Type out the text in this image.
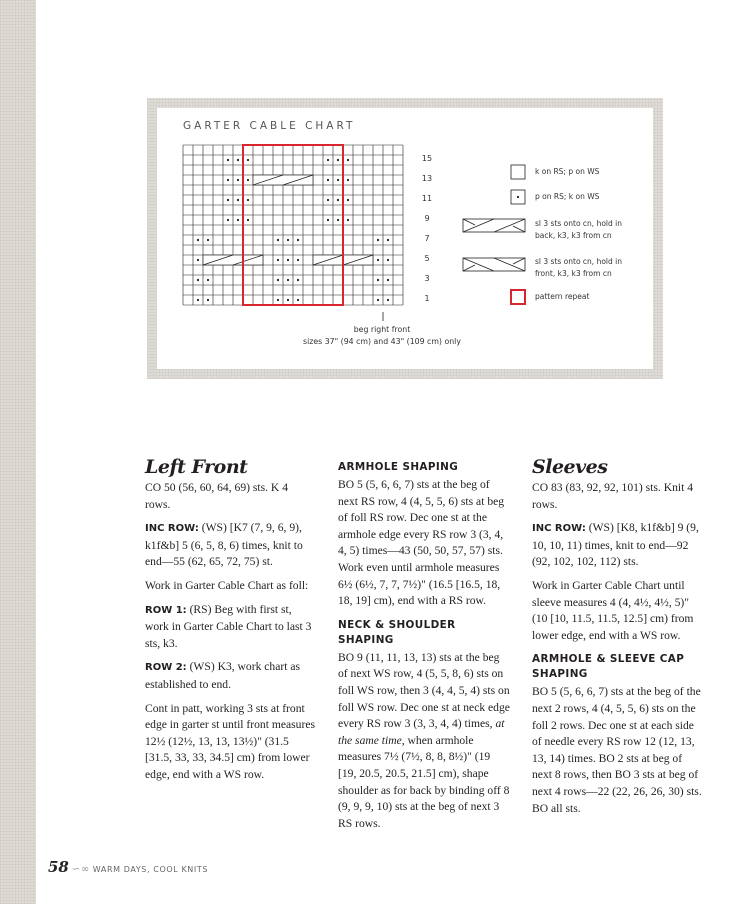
GARTER CABLE CHART
15
13
11
9
7
5
3
1
beg right front
sizes 37" (94 cm) and 43" (109 cm) only
k on RS; p on WS
p on RS; k on WS
sl 3 sts onto cn, hold in back, k3, k3 from cn
sl 3 sts onto cn, hold in front, k3, k3 from cn
pattern repeat
Left Front

CO 50 (56, 60, 64, 69) sts. K 4 rows.

INC ROW: (WS) [K7 (7, 9, 6, 9), k1f&b] 5 (6, 5, 8, 6) times, knit to end—55 (62, 65, 72, 75) st.

Work in Garter Cable Chart as foll:

ROW 1: (RS) Beg with first st, work in Garter Cable Chart to last 3 sts, k3.

ROW 2: (WS) K3, work chart as established to end.

Cont in patt, working 3 sts at front edge in garter st until front measures 12½ (12½, 13, 13, 13½)" (31.5 [31.5, 33, 33, 34.5] cm) from lower edge, end with a WS row.

ARMHOLE SHAPING

BO 5 (5, 6, 6, 7) sts at the beg of next RS row, 4 (4, 5, 5, 6) sts at beg of foll RS row. Dec one st at the armhole edge every RS row 3 (3, 4, 4, 5) times—43 (50, 50, 57, 57) sts. Work even until armhole measures 6½ (6½, 7, 7, 7½)" (16.5 [16.5, 18, 18, 19] cm), end with a RS row.

NECK & SHOULDER SHAPING

BO 9 (11, 11, 13, 13) sts at the beg of next WS row, 4 (5, 5, 8, 6) sts on foll WS row, then 3 (4, 4, 5, 4) sts on foll WS row. Dec one st at neck edge every RS row 3 (3, 3, 4, 4) times, at the same time, when armhole measures 7½ (7½, 8, 8, 8½)" (19 [19, 20.5, 20.5, 21.5] cm), shape shoulder as for back by binding off 8 (9, 9, 9, 10) sts at the beg of next 3 RS rows.

Sleeves

CO 83 (83, 92, 92, 101) sts. Knit 4 rows.

INC ROW: (WS) [K8, k1f&b] 9 (9, 10, 10, 11) times, knit to end—92 (92, 102, 102, 112) sts.

Work in Garter Cable Chart until sleeve measures 4 (4, 4½, 4½, 5)" (10 [10, 11.5, 11.5, 12.5] cm) from lower edge, end with a WS row.

ARMHOLE & SLEEVE CAP SHAPING

BO 5 (5, 6, 6, 7) sts at the beg of the next 2 rows, 4 (4, 5, 5, 6) sts on the foll 2 rows. Dec one st at each side of needle every RS row 12 (12, 13, 13, 14) times. BO 2 sts at beg of next 8 rows, then BO 3 sts at beg of next 4 rows—22 (22, 26, 26, 30) sts. BO all sts.

58 ∽∞ WARM DAYS, COOL KNITS
